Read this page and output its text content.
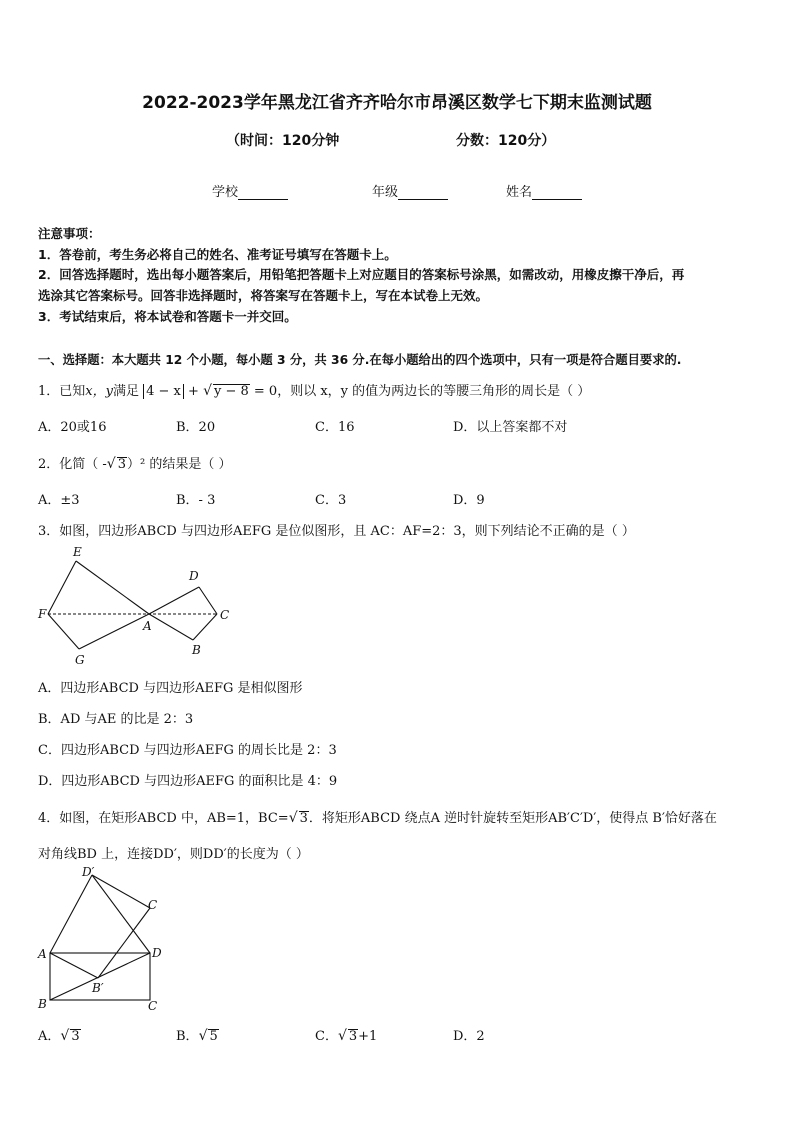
2022-2023学年黑龙江省齐齐哈尔市昂溪区数学七下期末监测试题
（时间：120分钟	分数：120分）
学校	年级	姓名
注意事项：
1．答卷前，考生务必将自己的姓名、准考证号填写在答题卡上。
2．回答选择题时，选出每小题答案后，用铅笔把答题卡上对应题目的答案标号涂黑，如需改动，用橡皮擦干净后，再
选涂其它答案标号。回答非选择题时，将答案写在答题卡上，写在本试卷上无效。
3．考试结束后，将本试卷和答题卡一并交回。
一、选择题：本大题共 12 个小题，每小题 3 分，共 36 分.在每小题给出的四个选项中，只有一项是符合题目要求的.
1．已知x，y满足 4 − x + √ y − 8 = 0，则以 x，y 的值为两边长的等腰三角形的周长是（ ）
A．20或16	B．20	C．16	D．以上答案都不对
2．化简（ -√ 3）² 的结果是（ ）
A．±3	B．- 3	C．3	D．9
3．如图，四边形ABCD 与四边形AEFG 是位似图形，且 AC：AF=2：3，则下列结论不正确的是（ ）
E
D
F
A
C
G
B
A．四边形ABCD 与四边形AEFG 是相似图形
B．AD 与AE 的比是 2：3
C．四边形ABCD 与四边形AEFG 的周长比是 2：3
D．四边形ABCD 与四边形AEFG 的面积比是 4：9
4．如图，在矩形ABCD 中，AB=1，BC=√ 3．将矩形ABCD 绕点A 逆时针旋转至矩形AB′C′D′，使得点 B′恰好落在
对角线BD 上，连接DD′，则DD′的长度为（ ）
D′
C
A	D
B′
B	C
A．√ 3	B．√ 5	C．√ 3+1	D．2
